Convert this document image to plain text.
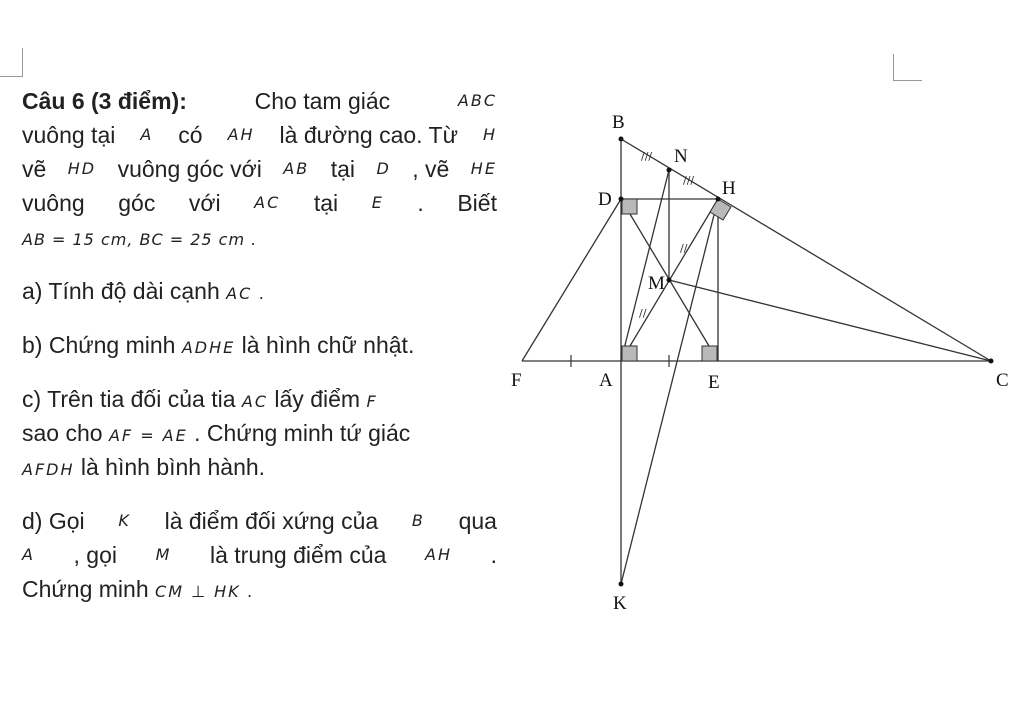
Câu 6 (3 điểm):	Cho tam giác	ABC
vuông tại A có AH là đường cao. Từ H
vẽ HD vuông góc với AB tại D , vẽ HE
vuông góc với AC tại E . Biết
AB = 15 cm, BC = 25 cm .
a) Tính độ dài cạnh AC .
b) Chứng minh ADHE là hình chữ nhật.
c) Trên tia đối của tia AC lấy điểm F
sao cho AF = AE . Chứng minh tứ giác
AFDH là hình bình hành.
d) Gọi K là điểm đối xứng của B qua
A , gọi M là trung điểm của AH .
Chứng minh CM ⊥ HK .
//
//
///
///
B
N
H
D
M
F	A	E	C
K
